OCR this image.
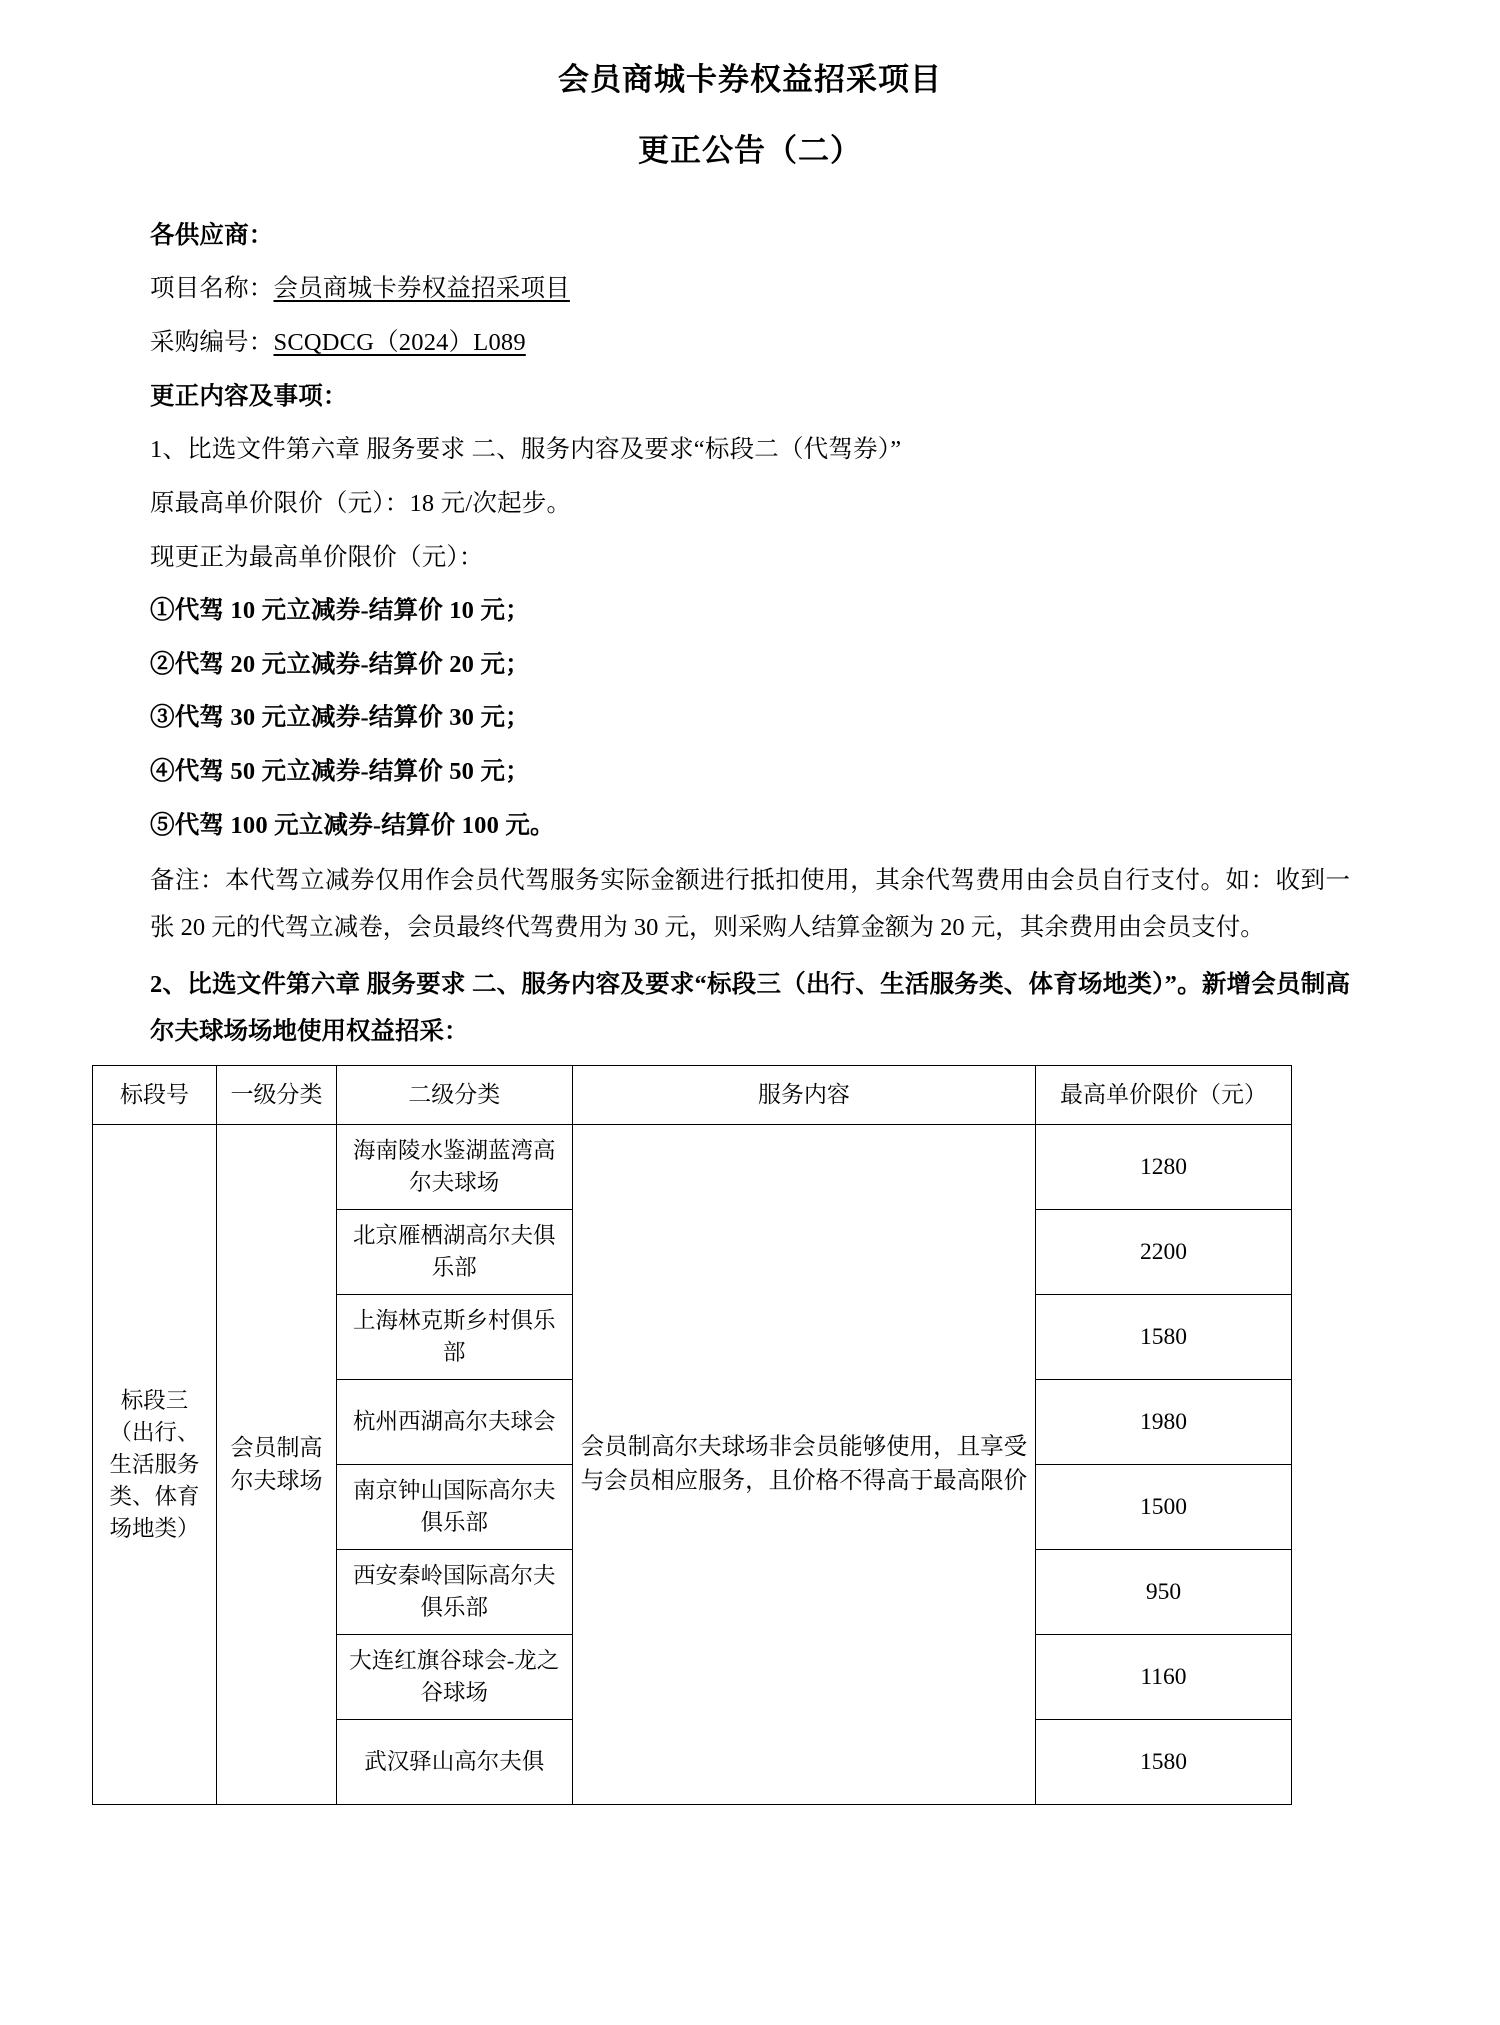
会员商城卡券权益招采项目
更正公告（二）

各供应商：

项目名称：会员商城卡券权益招采项目

采购编号：SCQDCG（2024）L089

更正内容及事项：

1、比选文件第六章 服务要求 二、服务内容及要求“标段二（代驾券）”

原最高单价限价（元）：18 元/次起步。

现更正为最高单价限价（元）：

①代驾 10 元立减券-结算价 10 元；

②代驾 20 元立减券-结算价 20 元；

③代驾 30 元立减券-结算价 30 元；

④代驾 50 元立减券-结算价 50 元；

⑤代驾 100 元立减券-结算价 100 元。

备注：本代驾立减券仅用作会员代驾服务实际金额进行抵扣使用，其余代驾费用由会员自行支付。如：收到一张 20 元的代驾立减卷，会员最终代驾费用为 30 元，则采购人结算金额为 20 元，其余费用由会员支付。

2、比选文件第六章 服务要求 二、服务内容及要求“标段三（出行、生活服务类、体育场地类）”。新增会员制高尔夫球场场地使用权益招采：

标段号	一级分类	二级分类	服务内容	最高单价限价（元）
标段三（出行、生活服务类、体育场地类）	会员制高尔夫球场	海南陵水鉴湖蓝湾高尔夫球场	会员制高尔夫球场非会员能够使用，且享受与会员相应服务，且价格不得高于最高限价	1280
		北京雁栖湖高尔夫俱乐部		2200
		上海林克斯乡村俱乐部		1580
		杭州西湖高尔夫球会		1980
		南京钟山国际高尔夫俱乐部		1500
		西安秦岭国际高尔夫俱乐部		950
		大连红旗谷球会-龙之谷球场		1160
		武汉驿山高尔夫俱		1580
